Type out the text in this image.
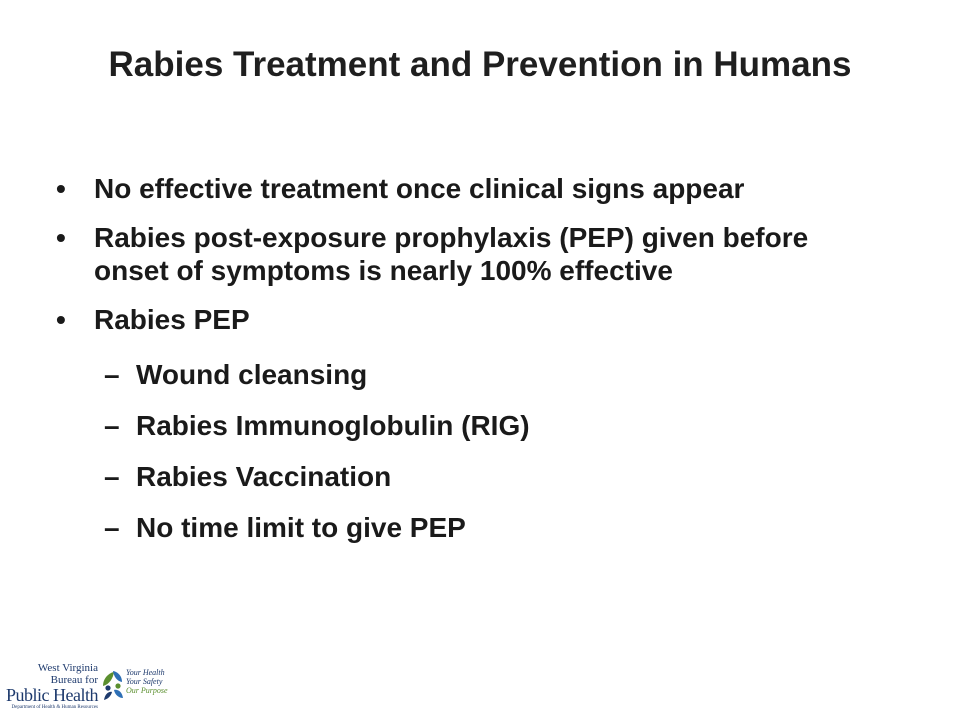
Rabies Treatment and Prevention in Humans
• No effective treatment once clinical signs appear
• Rabies post-exposure prophylaxis (PEP) given before onset of symptoms is nearly 100% effective
• Rabies PEP
– Wound cleansing
– Rabies Immunoglobulin (RIG)
– Rabies Vaccination
– No time limit to give PEP
West Virginia
Bureau for
Public Health
Department of Health & Human Resources
Your Health
Your Safety
Our Purpose
